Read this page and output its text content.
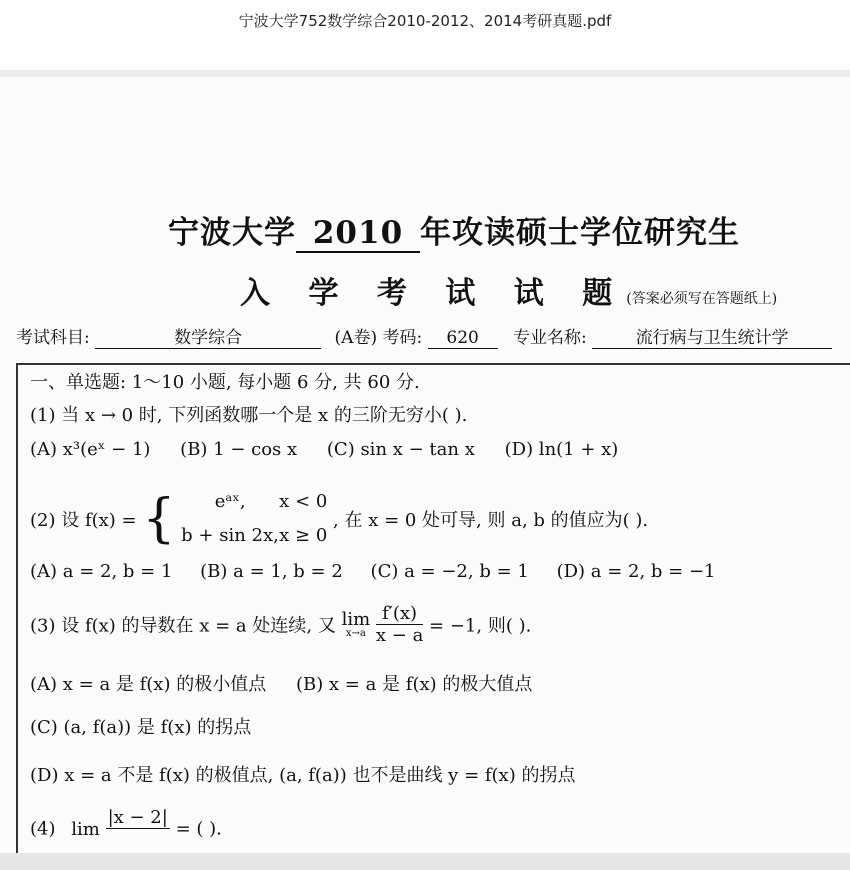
宁波大学752数学综合2010-2012、2014考研真题.pdf
宁波大学 2010 年攻读硕士学位研究生
入 学 考 试 试 题(答案必须写在答题纸上)
考试科目:	数学综合	(A卷) 考码: 620 专业名称:	流行病与卫生统计学
一、单选题: 1～10 小题, 每小题 6 分, 共 60 分.
(1) 当 x → 0 时, 下列函数哪一个是 x 的三阶无穷小( ).
(A) x³(eˣ − 1) (B) 1 − cos x (C) sin x − tan x (D) ln(1 + x)
(2) 设 f(x) = { eᵃˣ, x < 0
b + sin 2x,x ≥ 0 , 在 x = 0 处可导, 则 a, b 的值应为( ).
(A) a = 2, b = 1 (B) a = 1, b = 2 (C) a = −2, b = 1 (D) a = 2, b = −1
(3) 设 f(x) 的导数在 x = a 处连续, 又 lim
x→a
$\frac{f'(x)}{x - a} = -1$, 则( ).
(A) x = a 是 f(x) 的极小值点 (B) x = a 是 f(x) 的极大值点
(C) (a, f(a)) 是 f(x) 的拐点
(D) x = a 不是 f(x) 的极值点, (a, f(a)) 也不是曲线 y = f(x) 的拐点
(4) lim
|x − 2|
= ( ).
